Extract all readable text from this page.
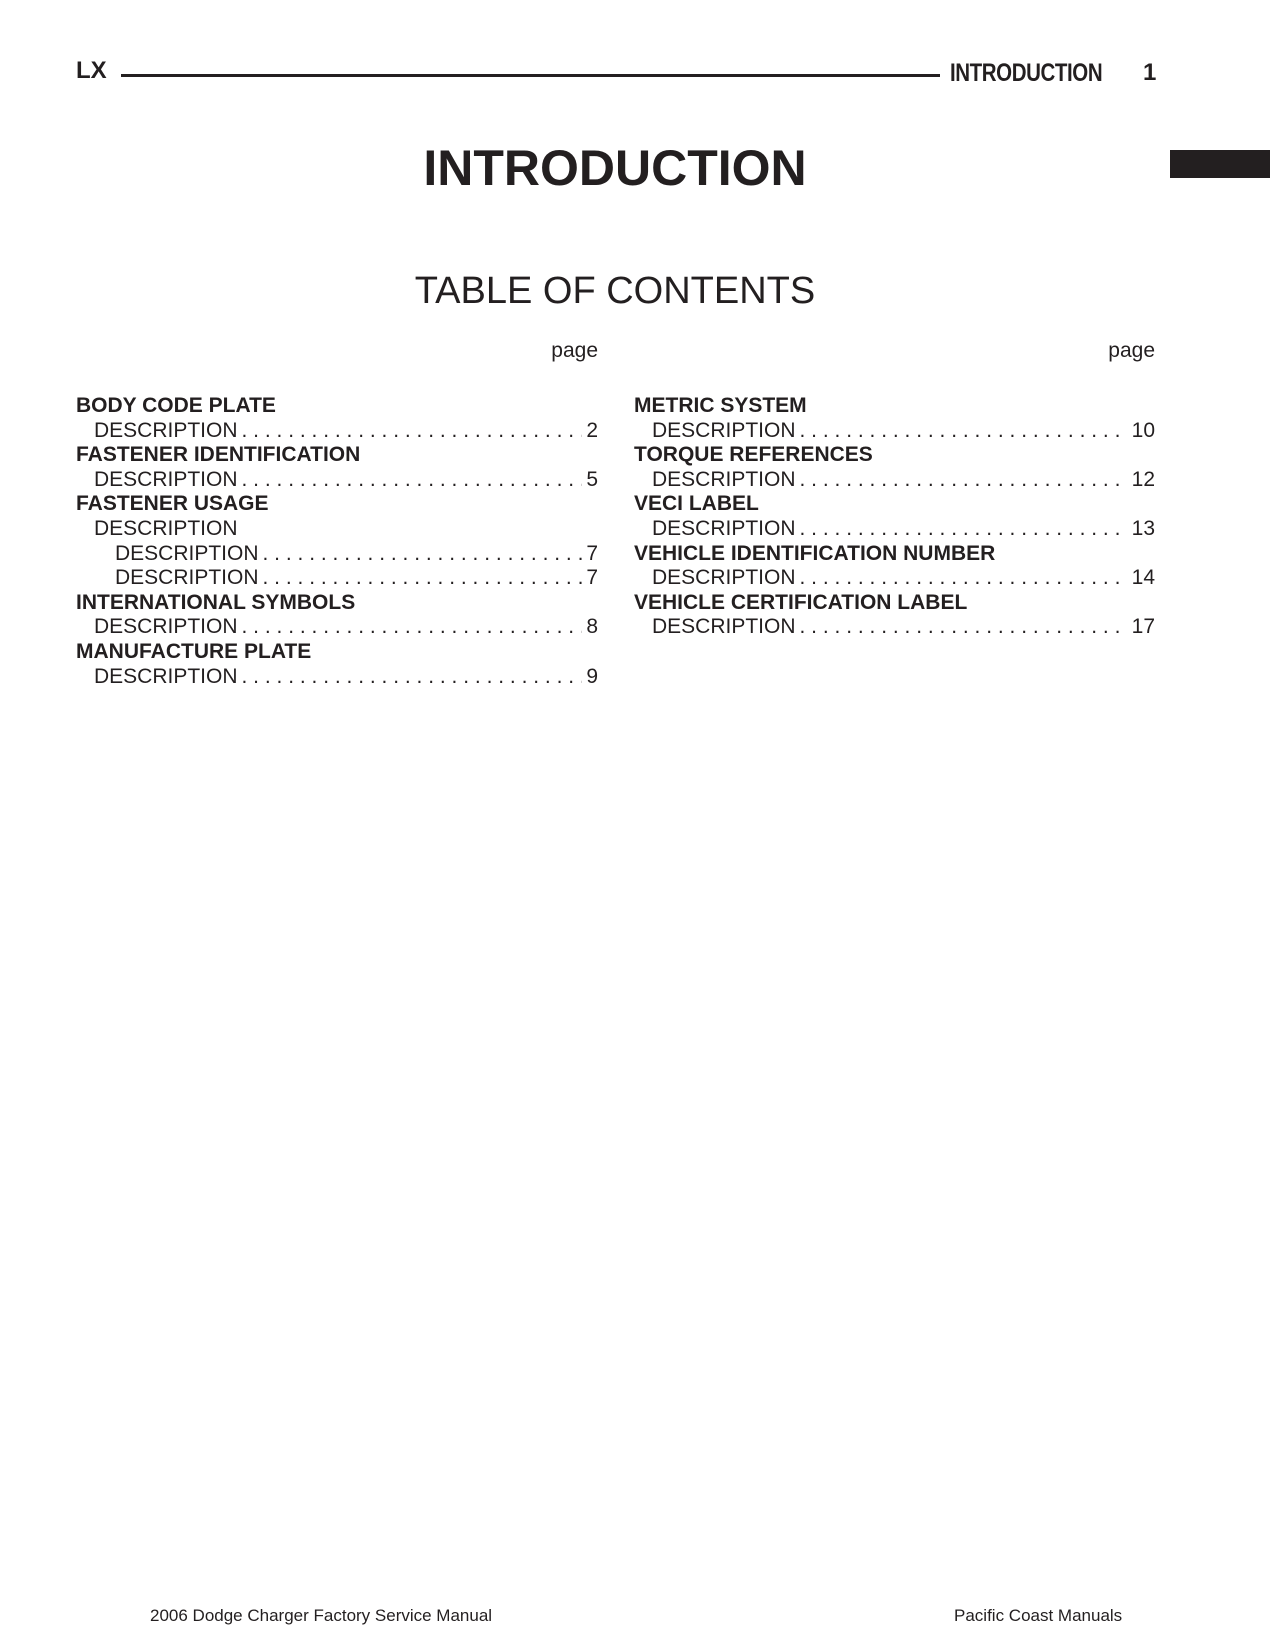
LX	INTRODUCTION 1
INTRODUCTION
TABLE OF CONTENTS
page
BODY CODE PLATE
DESCRIPTION . . .	2
FASTENER IDENTIFICATION
DESCRIPTION . . .	5
FASTENER USAGE
DESCRIPTION
DESCRIPTION . . .	7
DESCRIPTION . . .	7
INTERNATIONAL SYMBOLS
DESCRIPTION . . .	8
MANUFACTURE PLATE
DESCRIPTION . . .	9
page
METRIC SYSTEM
DESCRIPTION . . .	10
TORQUE REFERENCES
DESCRIPTION . . .	12
VECI LABEL
DESCRIPTION . . .	13
VEHICLE IDENTIFICATION NUMBER
DESCRIPTION . . .	14
VEHICLE CERTIFICATION LABEL
DESCRIPTION . . .	17
2006 Dodge Charger Factory Service Manual	Pacific Coast Manuals
